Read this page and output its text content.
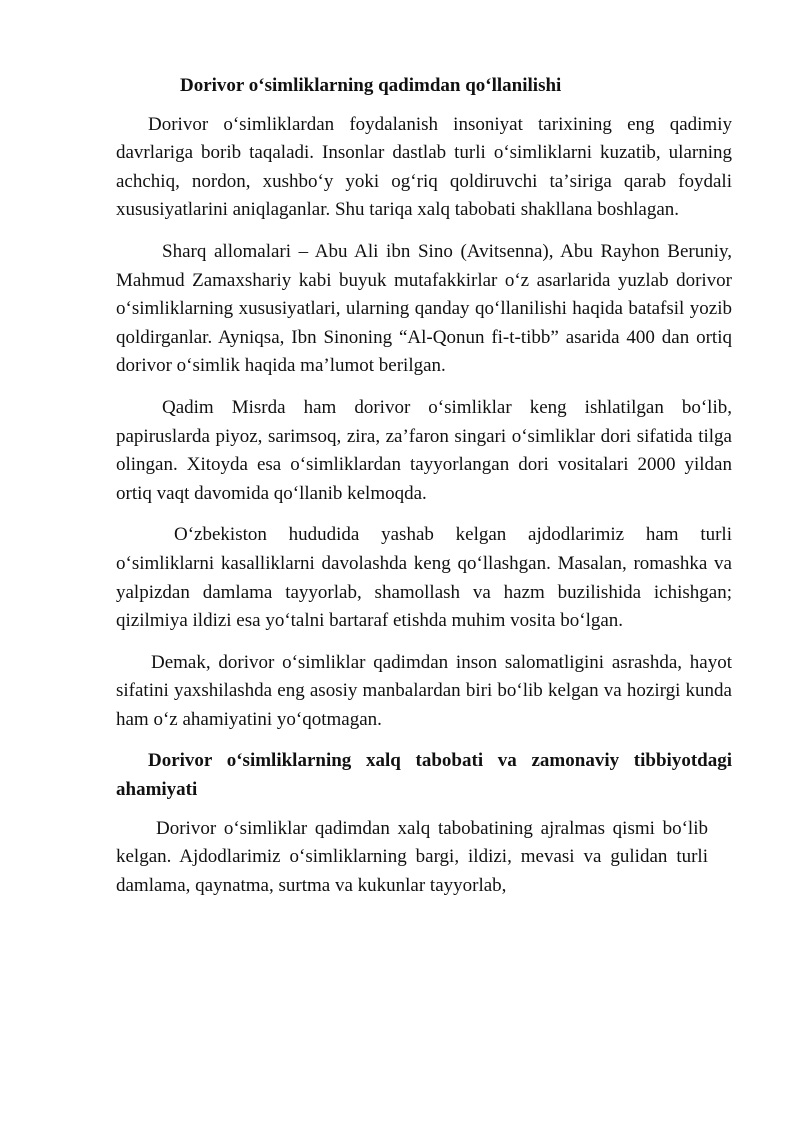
Dorivor oʻsimliklarning qadimdan qoʻllanilishi

Dorivor oʻsimliklardan foydalanish insoniyat tarixining eng qadimiy davrlariga borib taqaladi. Insonlar dastlab turli oʻsimliklarni kuzatib, ularning achchiq, nordon, xushboʻy yoki ogʻriq qoldiruvchi taʼsiriga qarab foydali xususiyatlarini aniqlaganlar. Shu tariqa xalq tabobati shakllana boshlagan.

Sharq allomalari – Abu Ali ibn Sino (Avitsenna), Abu Rayhon Beruniy, Mahmud Zamaxshariy kabi buyuk mutafakkirlar oʻz asarlarida yuzlab dorivor oʻsimliklarning xususiyatlari, ularning qanday qoʻllanilishi haqida batafsil yozib qoldirganlar. Ayniqsa, Ibn Sinoning “Al-Qonun fi-t-tibb” asarida 400 dan ortiq dorivor oʻsimlik haqida maʼlumot berilgan.

Qadim Misrda ham dorivor oʻsimliklar keng ishlatilgan boʻlib, papiruslarda piyoz, sarimsoq, zira, zaʼfaron singari oʻsimliklar dori sifatida tilga olingan. Xitoyda esa oʻsimliklardan tayyorlangan dori vositalari 2000 yildan ortiq vaqt davomida qoʻllanib kelmoqda.

Oʻzbekiston hududida yashab kelgan ajdodlarimiz ham turli oʻsimliklarni kasalliklarni davolashda keng qoʻllashgan. Masalan, romashka va yalpizdan damlama tayyorlab, shamollash va hazm buzilishida ichishgan; qizilmiya ildizi esa yoʻtalni bartaraf etishda muhim vosita boʻlgan.

Demak, dorivor oʻsimliklar qadimdan inson salomatligini asrashda, hayot sifatini yaxshilashda eng asosiy manbalardan biri boʻlib kelgan va hozirgi kunda ham oʻz ahamiyatini yoʻqotmagan.

Dorivor oʻsimliklarning xalq tabobati va zamonaviy tibbiyotdagi ahamiyati

Dorivor oʻsimliklar qadimdan xalq tabobatining ajralmas qismi boʻlib kelgan. Ajdodlarimiz oʻsimliklarning bargi, ildizi, mevasi va gulidan turli damlama, qaynatma, surtma va kukunlar tayyorlab,
